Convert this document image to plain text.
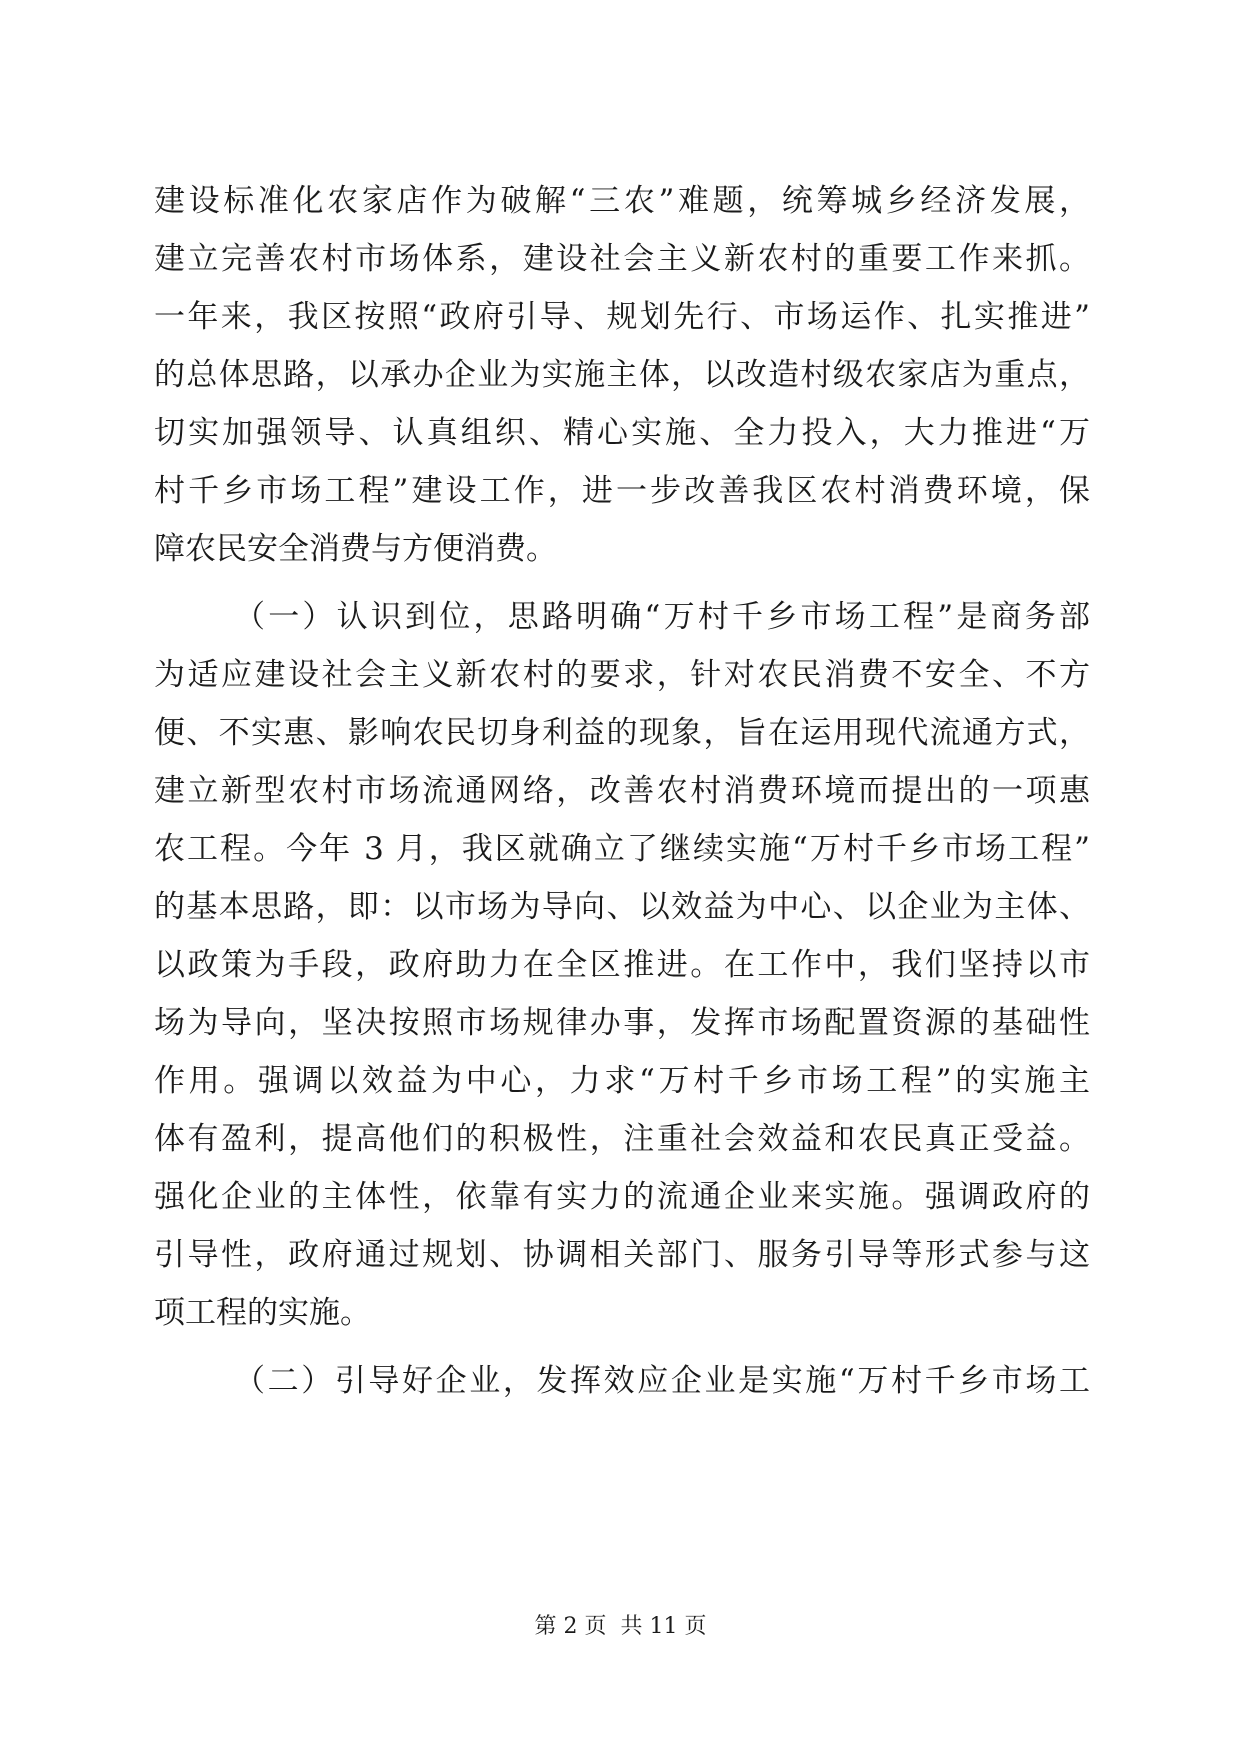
建设标准化农家店作为破解“三农”难题，统筹城乡经济发展，
建立完善农村市场体系，建设社会主义新农村的重要工作来抓。
一年来，我区按照“政府引导、规划先行、市场运作、扎实推进”
的总体思路，以承办企业为实施主体，以改造村级农家店为重点，
切实加强领导、认真组织、精心实施、全力投入，大力推进“万
村千乡市场工程”建设工作，进一步改善我区农村消费环境，保
障农民安全消费与方便消费。
（一）认识到位，思路明确“万村千乡市场工程”是商务部
为适应建设社会主义新农村的要求，针对农民消费不安全、不方
便、不实惠、影响农民切身利益的现象，旨在运用现代流通方式，
建立新型农村市场流通网络，改善农村消费环境而提出的一项惠
农工程。今年 3 月，我区就确立了继续实施“万村千乡市场工程”
的基本思路，即：以市场为导向、以效益为中心、以企业为主体、
以政策为手段，政府助力在全区推进。在工作中，我们坚持以市
场为导向，坚决按照市场规律办事，发挥市场配置资源的基础性
作用。强调以效益为中心，力求“万村千乡市场工程”的实施主
体有盈利，提高他们的积极性，注重社会效益和农民真正受益。
强化企业的主体性，依靠有实力的流通企业来实施。强调政府的
引导性，政府通过规划、协调相关部门、服务引导等形式参与这
项工程的实施。
（二）引导好企业，发挥效应企业是实施“万村千乡市场工
第 2 页 共 11 页
